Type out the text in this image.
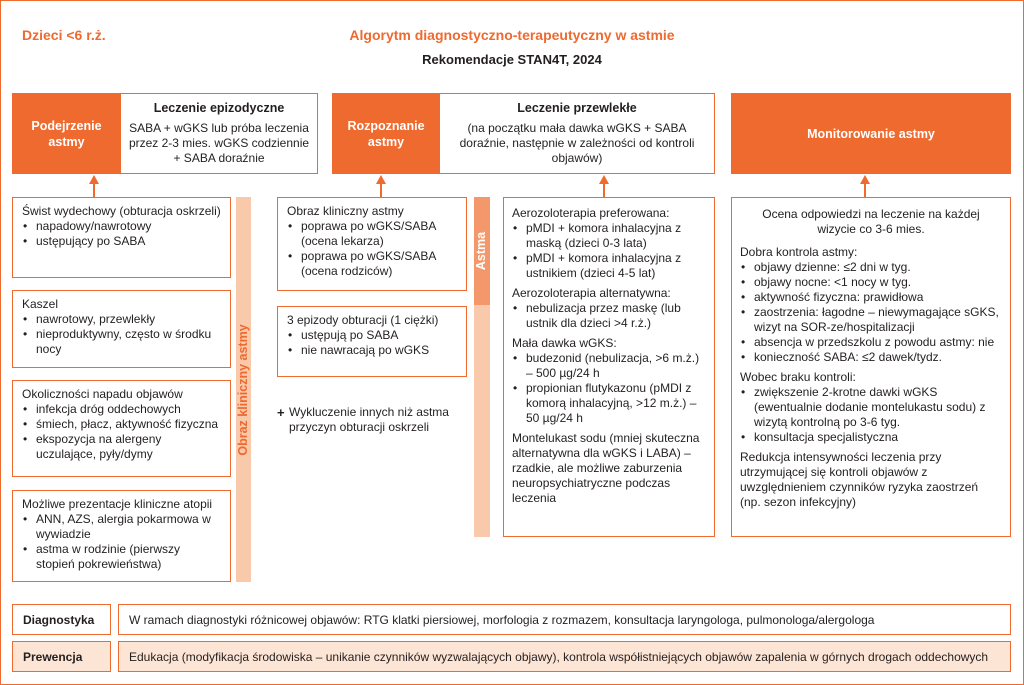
Dzieci <6 r.ż.	Algorytm diagnostyczno-terapeutyczny w astmie
Rekomendacje STAN4T, 2024
Podejrzenie astmy
Leczenie epizodyczne
SABA + wGKS lub próba leczenia przez 2-3 mies. wGKS codziennie + SABA doraźnie
Rozpoznanie astmy
Leczenie przewlekłe
(na początku mała dawka wGKS + SABA doraźnie, następnie w zależności od kontroli objawów)
Monitorowanie astmy
Świst wydechowy (obturacja oskrzeli)
• napadowy/nawrotowy
• ustępujący po SABA
Kaszel
• nawrotowy, przewlekły
• nieproduktywny, często w środku nocy
Okoliczności napadu objawów
• infekcja dróg oddechowych
• śmiech, płacz, aktywność fizyczna
• ekspozycja na alergeny uczulające, pyły/dymy
Możliwe prezentacje kliniczne atopii
• ANN, AZS, alergia pokarmowa w wywiadzie
• astma w rodzinie (pierwszy stopień pokrewieństwa)
Obraz kliniczny astmy
Obraz kliniczny astmy
• poprawa po wGKS/SABA (ocena lekarza)
• poprawa po wGKS/SABA (ocena rodziców)
3 epizody obturacji (1 ciężki)
• ustępują po SABA
• nie nawracają po wGKS
+ Wykluczenie innych niż astma przyczyn obturacji oskrzeli
Astma
Aerozoloterapia preferowana:
• pMDI + komora inhalacyjna z maską (dzieci 0-3 lata)
• pMDI + komora inhalacyjna z ustnikiem (dzieci 4-5 lat)
Aerozoloterapia alternatywna:
• nebulizacja przez maskę (lub ustnik dla dzieci >4 r.ż.)
Mała dawka wGKS:
• budezonid (nebulizacja, >6 m.ż.) – 500 µg/24 h
• propionian flutykazonu (pMDI z komorą inhalacyjną, >12 m.ż.) – 50 µg/24 h
Montelukast sodu (mniej skuteczna alternatywna dla wGKS i LABA) – rzadkie, ale możliwe zaburzenia neuropsychiatryczne podczas leczenia
Ocena odpowiedzi na leczenie na każdej wizycie co 3-6 mies.
Dobra kontrola astmy:
• objawy dzienne: ≤2 dni w tyg.
• objawy nocne: <1 nocy w tyg.
• aktywność fizyczna: prawidłowa
• zaostrzenia: łagodne – niewymagające sGKS, wizyt na SOR-ze/hospitalizacji
• absencja w przedszkolu z powodu astmy: nie
• konieczność SABA: ≤2 dawek/tydz.
Wobec braku kontroli:
• zwiększenie 2-krotne dawki wGKS (ewentualnie dodanie montelukastu sodu) z wizytą kontrolną po 3-6 tyg.
• konsultacja specjalistyczna
Redukcja intensywności leczenia przy utrzymującej się kontroli objawów z uwzględnieniem czynników ryzyka zaostrzeń (np. sezon infekcyjny)
Diagnostyka	W ramach diagnostyki różnicowej objawów: RTG klatki piersiowej, morfologia z rozmazem, konsultacja laryngologa, pulmonologa/alergologa
Prewencja	Edukacja (modyfikacja środowiska – unikanie czynników wyzwalających objawy), kontrola współistniejących objawów zapalenia w górnych drogach oddechowych
